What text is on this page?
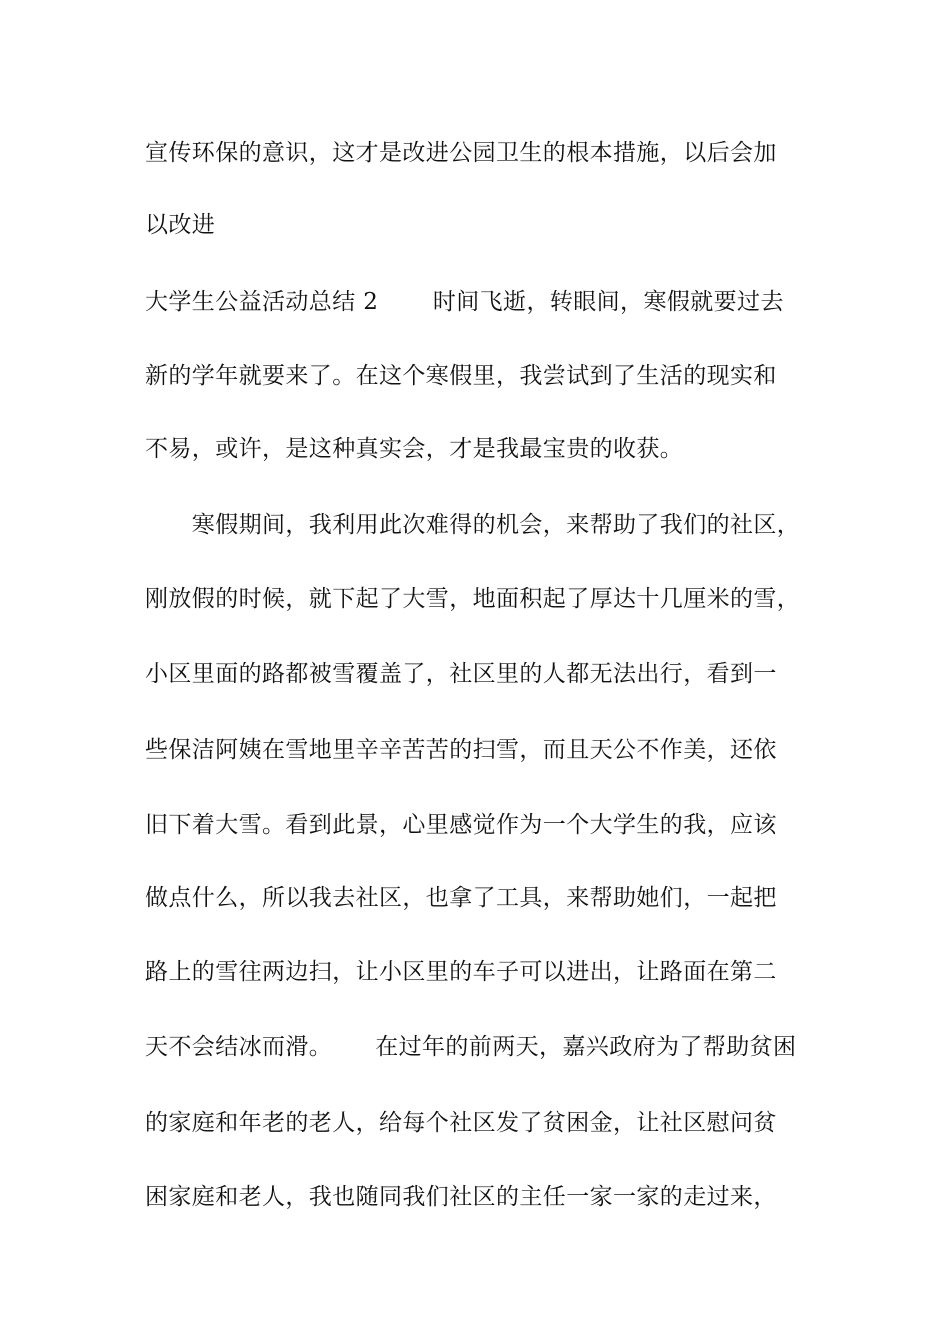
宣传环保的意识，这才是改进公园卫生的根本措施，以后会加
以改进
大学生公益活动总结 2　　 时间飞逝，转眼间，寒假就要过去
新的学年就要来了。在这个寒假里，我尝试到了生活的现实和
不易，或许，是这种真实会，才是我最宝贵的收获。
　　寒假期间，我利用此次难得的机会，来帮助了我们的社区，
刚放假的时候，就下起了大雪，地面积起了厚达十几厘米的雪，
小区里面的路都被雪覆盖了，社区里的人都无法出行，看到一
些保洁阿姨在雪地里辛辛苦苦的扫雪，而且天公不作美，还依
旧下着大雪。看到此景，心里感觉作为一个大学生的我，应该
做点什么，所以我去社区，也拿了工具，来帮助她们，一起把
路上的雪往两边扫，让小区里的车子可以进出，让路面在第二
天不会结冰而滑。　　 在过年的前两天，嘉兴政府为了帮助贫困
的家庭和年老的老人，给每个社区发了贫困金，让社区慰问贫
困家庭和老人，我也随同我们社区的主任一家一家的走过来，
